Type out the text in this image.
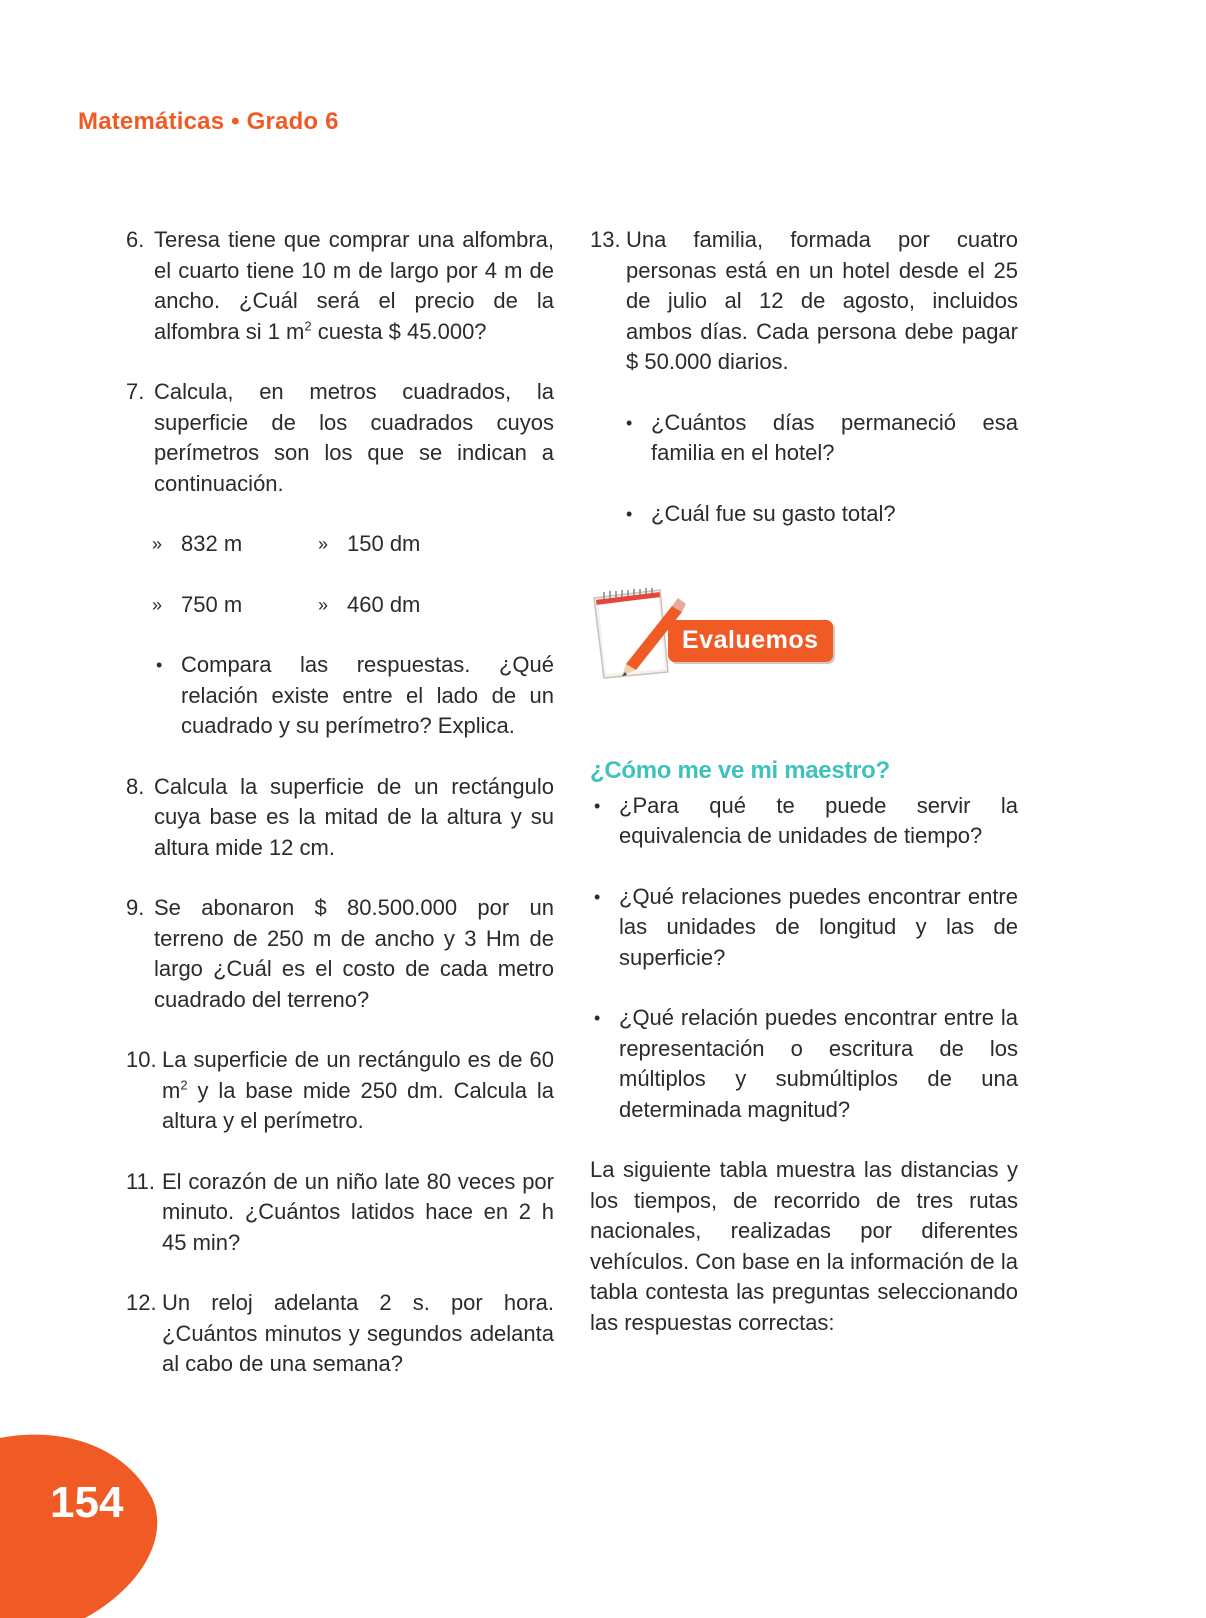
Matemáticas • Grado 6
6. Teresa tiene que comprar una alfombra, el cuarto tiene 10 m de largo por 4 m de ancho. ¿Cuál será el precio de la alfombra si 1 $m^2$ cuesta $ 45.000?
7. Calcula, en metros cuadrados, la superficie de los cuadrados cuyos perímetros son los que se indican a continuación.
» 832 m	» 150 dm
» 750 m	» 460 dm
• Compara las respuestas. ¿Qué relación existe entre el lado de un cuadrado y su perímetro? Explica.
8. Calcula la superficie de un rectángulo cuya base es la mitad de la altura y su altura mide 12 cm.
9. Se abonaron $ 80.500.000 por un terreno de 250 m de ancho y 3 Hm de largo ¿Cuál es el costo de cada metro cuadrado del terreno?
10. La superficie de un rectángulo es de 60 $m^2$ y la base mide 250 dm. Calcula la altura y el perímetro.
11. El corazón de un niño late 80 veces por minuto. ¿Cuántos latidos hace en 2 h 45 min?
12. Un reloj adelanta 2 s. por hora. ¿Cuántos minutos y segundos adelanta al cabo de una semana?
13. Una familia, formada por cuatro personas está en un hotel desde el 25 de julio al 12 de agosto, incluidos ambos días. Cada persona debe pagar $ 50.000 diarios.
• ¿Cuántos días permaneció esa familia en el hotel?
• ¿Cuál fue su gasto total?
Evaluemos
¿Cómo me ve mi maestro?
• ¿Para qué te puede servir la equivalencia de unidades de tiempo?
• ¿Qué relaciones puedes encontrar entre las unidades de longitud y las de superficie?
• ¿Qué relación puedes encontrar entre la representación o escritura de los múltiplos y submúltiplos de una determinada magnitud?
La siguiente tabla muestra las distancias y los tiempos, de recorrido de tres rutas nacionales, realizadas por diferentes vehículos. Con base en la información de la tabla contesta las preguntas seleccionando las respuestas correctas:
154
